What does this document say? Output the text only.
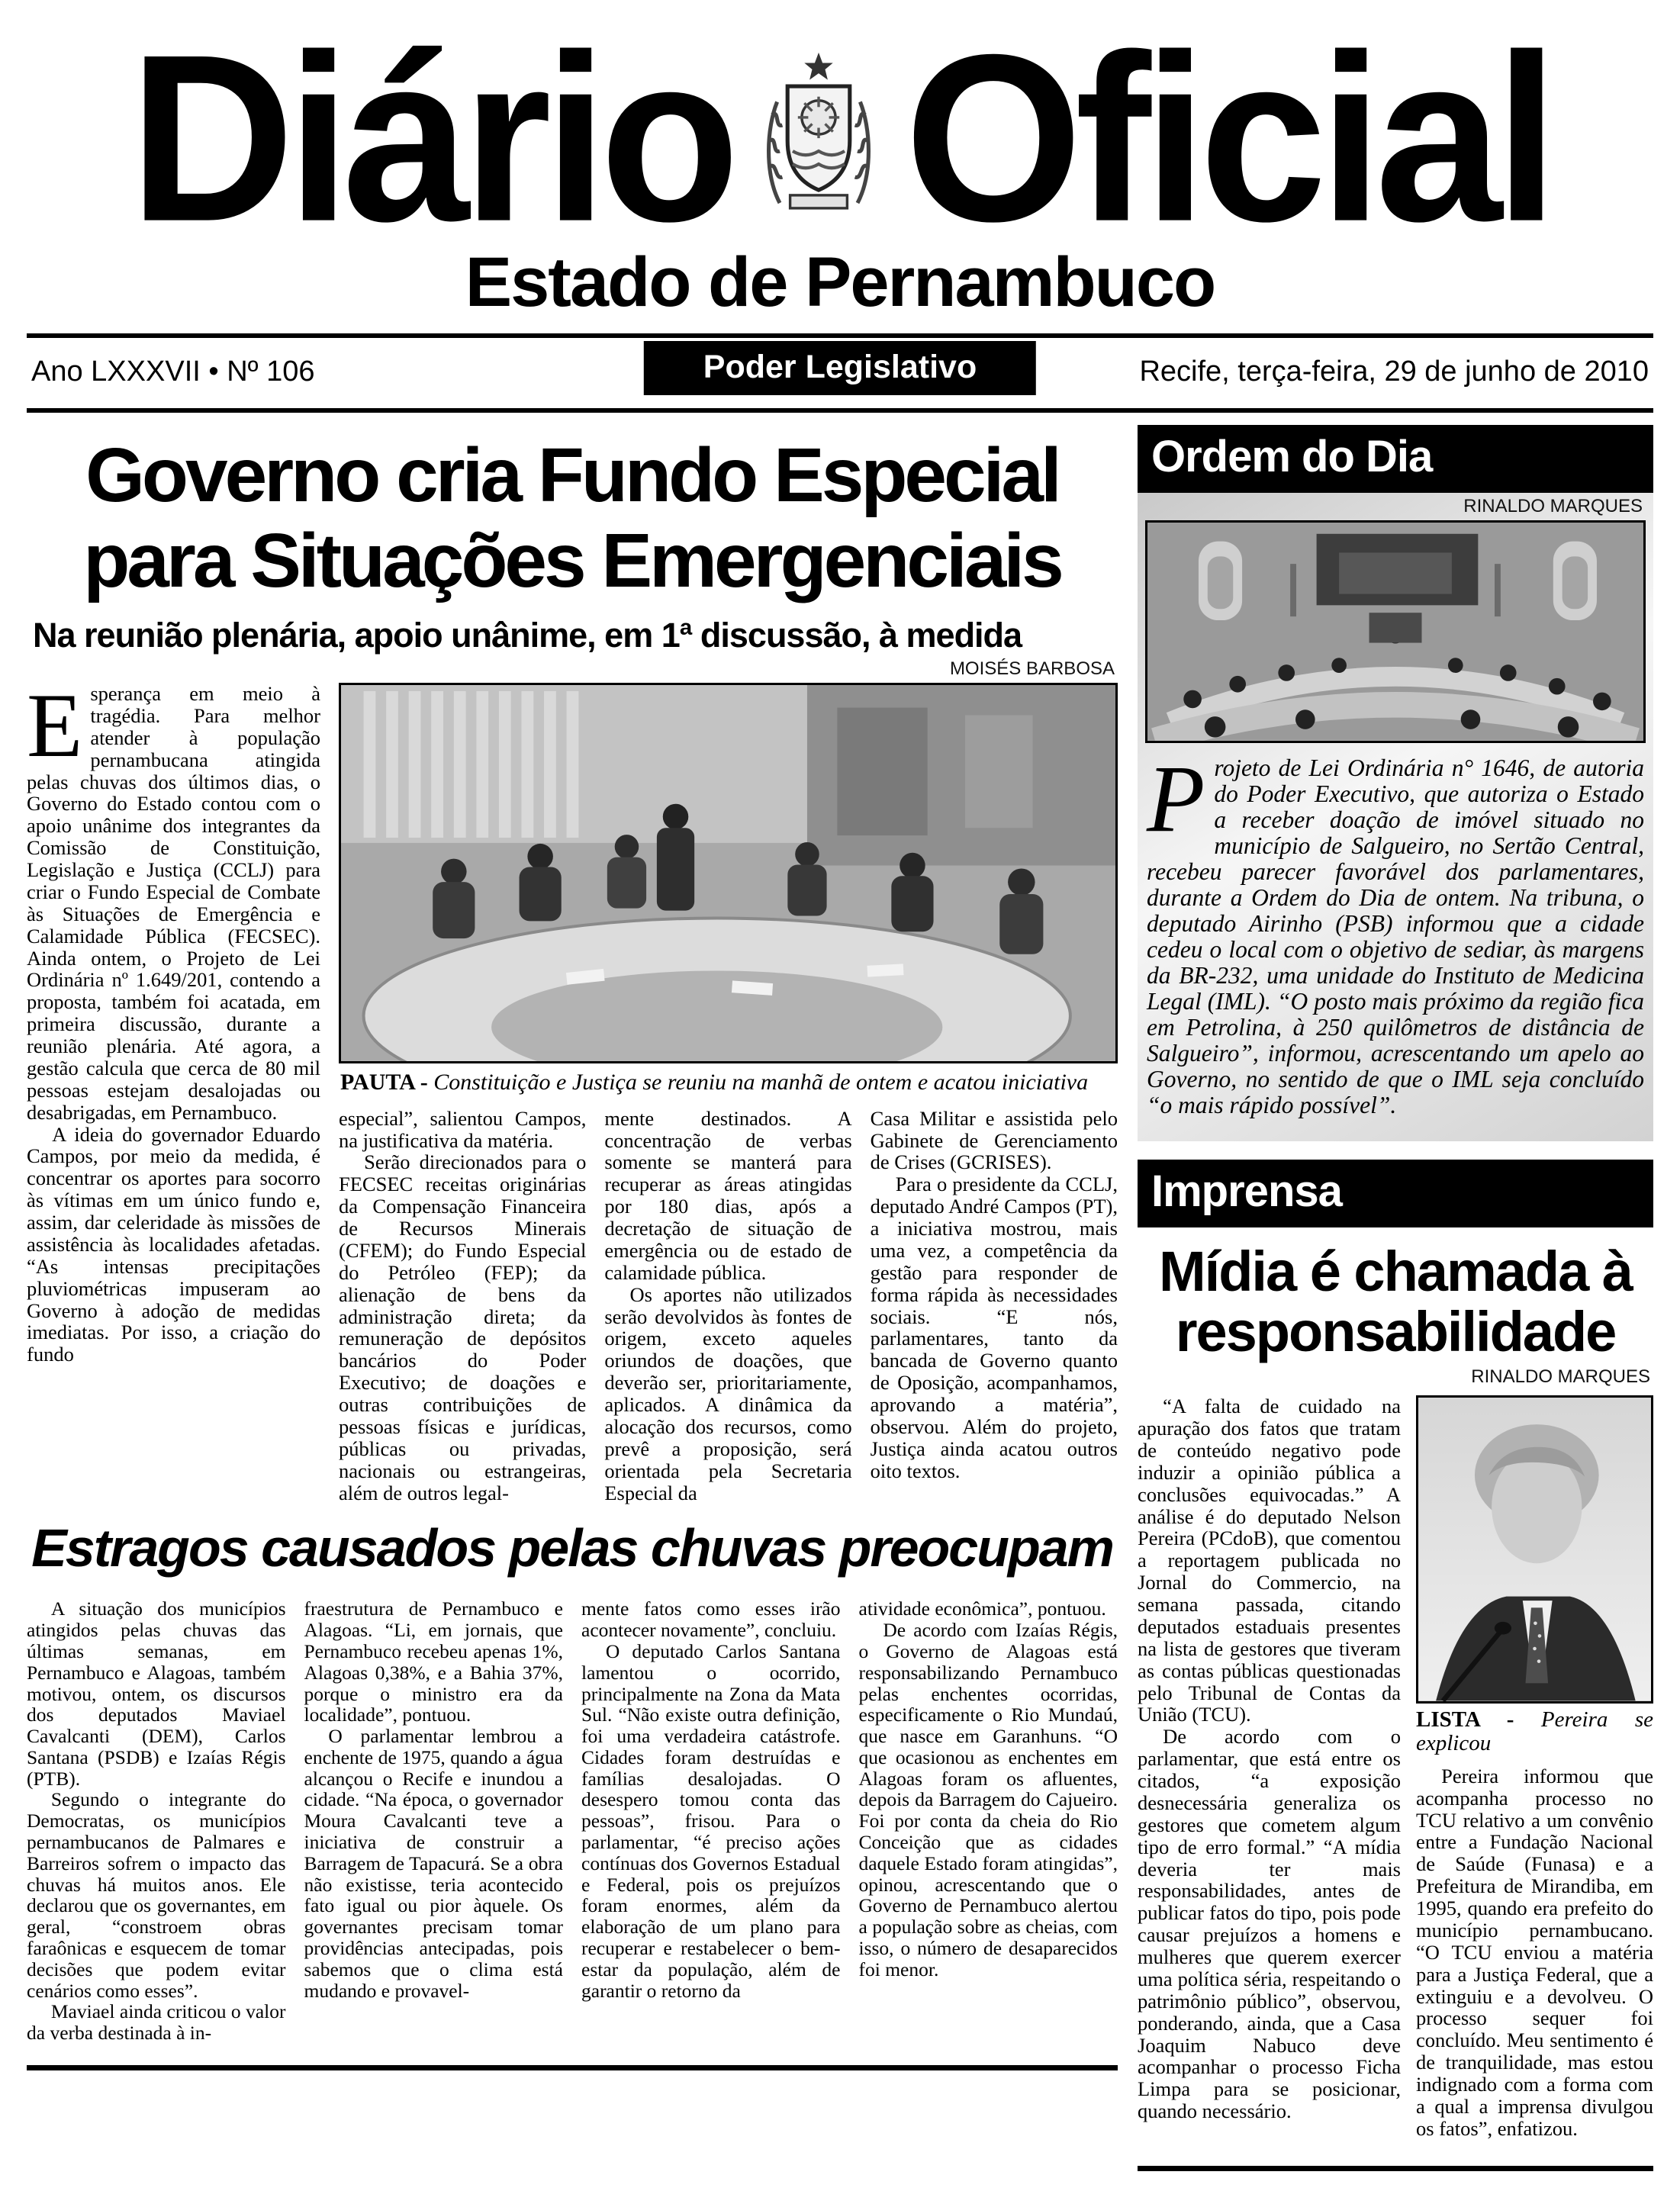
Diário Oficial
Estado de Pernambuco
Ano LXXXVII • Nº 106	Poder Legislativo	Recife, terça-feira, 29 de junho de 2010
Governo cria Fundo Especial
para Situações Emergenciais
Na reunião plenária, apoio unânime, em 1ª discussão, à medida
MOISÉS BARBOSA

Esperança em meio à tragédia. Para melhor atender à população pernambucana atingida pelas chuvas dos últimos dias, o Governo do Estado contou com o apoio unânime dos integrantes da Comissão de Constituição, Legislação e Justiça (CCLJ) para criar o Fundo Especial de Combate às Situações de Emergência e Calamidade Pública (FECSEC). Ainda ontem, o Projeto de Lei Ordinária nº 1.649/201, contendo a proposta, também foi acatada, em primeira discussão, durante a reunião plenária. Até agora, a gestão calcula que cerca de 80 mil pessoas estejam desalojadas ou desabrigadas, em Pernambuco.

A ideia do governador Eduardo Campos, por meio da medida, é concentrar os aportes para socorro às vítimas em um único fundo e, assim, dar celeridade às missões de assistência às localidades afetadas. “As intensas precipitações pluviométricas impuseram ao Governo à adoção de medidas imediatas. Por isso, a criação do fundo

PAUTA - Constituição e Justiça se reuniu na manhã de ontem e acatou iniciativa

especial”, salientou Campos, na justificativa da matéria.

Serão direcionados para o FECSEC receitas originárias da Compensação Financeira de Recursos Minerais (CFEM); do Fundo Especial do Petróleo (FEP); da alienação de bens da administração direta; da remuneração de depósitos bancários do Poder Executivo; de doações e outras contribuições de pessoas físicas e jurídicas, públicas ou privadas, nacionais ou estrangeiras, além de outros legal-

mente destinados. A concentração de verbas somente se manterá para recuperar as áreas atingidas por 180 dias, após a decretação de situação de emergência ou de estado de calamidade pública.

Os aportes não utilizados serão devolvidos às fontes de origem, exceto aqueles oriundos de doações, que deverão ser, prioritariamente, aplicados. A dinâmica da alocação dos recursos, como prevê a proposição, será orientada pela Secretaria Especial da

Casa Militar e assistida pelo Gabinete de Gerenciamento de Crises (GCRISES).

Para o presidente da CCLJ, deputado André Campos (PT), a iniciativa mostrou, mais uma vez, a competência da gestão para responder de forma rápida às necessidades sociais. “E nós, parlamentares, tanto da bancada de Governo quanto de Oposição, acompanhamos, aprovando a matéria”, observou. Além do projeto, Justiça ainda acatou outros oito textos.

Estragos causados pelas chuvas preocupam

A situação dos municípios atingidos pelas chuvas das últimas semanas, em Pernambuco e Alagoas, também motivou, ontem, os discursos dos deputados Maviael Cavalcanti (DEM), Carlos Santana (PSDB) e Izaías Régis (PTB).

Segundo o integrante do Democratas, os municípios pernambucanos de Palmares e Barreiros sofrem o impacto das chuvas há muitos anos. Ele declarou que os governantes, em geral, “constroem obras faraônicas e esquecem de tomar decisões que podem evitar cenários como esses”.

Maviael ainda criticou o valor da verba destinada à in-

fraestrutura de Pernambuco e Alagoas. “Li, em jornais, que Pernambuco recebeu apenas 1%, Alagoas 0,38%, e a Bahia 37%, porque o ministro era da localidade”, pontuou.

O parlamentar lembrou a enchente de 1975, quando a água alcançou o Recife e inundou a cidade. “Na época, o governador Moura Cavalcanti teve a iniciativa de construir a Barragem de Tapacurá. Se a obra não existisse, teria acontecido fato igual ou pior àquele. Os governantes precisam tomar providências antecipadas, pois sabemos que o clima está mudando e provavel-

mente fatos como esses irão acontecer novamente”, concluiu.

O deputado Carlos Santana lamentou o ocorrido, principalmente na Zona da Mata Sul. “Não existe outra definição, foi uma verdadeira catástrofe. Cidades foram destruídas e famílias desalojadas. O desespero tomou conta das pessoas”, frisou. Para o parlamentar, “é preciso ações contínuas dos Governos Estadual e Federal, pois os prejuízos foram enormes, além da elaboração de um plano para recuperar e restabelecer o bem-estar da população, além de garantir o retorno da

atividade econômica”, pontuou.

De acordo com Izaías Régis, o Governo de Alagoas está responsabilizando Pernambuco pelas enchentes ocorridas, especificamente o Rio Mundaú, que nasce em Garanhuns. “O que ocasionou as enchentes em Alagoas foram os afluentes, depois da Barragem do Cajueiro. Foi por conta da cheia do Rio Conceição que as cidades daquele Estado foram atingidas”, opinou, acrescentando que o Governo de Pernambuco alertou a população sobre as cheias, com isso, o número de desaparecidos foi menor.

Ordem do Dia
RINALDO MARQUES

Projeto de Lei Ordinária n° 1646, de autoria do Poder Executivo, que autoriza o Estado a receber doação de imóvel situado no município de Salgueiro, no Sertão Central, recebeu parecer favorável dos parlamentares, durante a Ordem do Dia de ontem. Na tribuna, o deputado Airinho (PSB) informou que a cidade cedeu o local com o objetivo de sediar, às margens da BR-232, uma unidade do Instituto de Medicina Legal (IML). “O posto mais próximo da região fica em Petrolina, à 250 quilômetros de distância de Salgueiro”, informou, acrescentando um apelo ao Governo, no sentido de que o IML seja concluído “o mais rápido possível”.

Imprensa
Mídia é chamada à
responsabilidade
RINALDO MARQUES

“A falta de cuidado na apuração dos fatos que tratam de conteúdo negativo pode induzir a opinião pública a conclusões equivocadas.” A análise é do deputado Nelson Pereira (PCdoB), que comentou a reportagem publicada no Jornal do Commercio, na semana passada, citando deputados estaduais presentes na lista de gestores que tiveram as contas públicas questionadas pelo Tribunal de Contas da União (TCU).

De acordo com o parlamentar, que está entre os citados, “a exposição desnecessária generaliza os gestores que cometem algum tipo de erro formal.” “A mídia deveria ter mais responsabilidades, antes de publicar fatos do tipo, pois pode causar prejuízos a homens e mulheres que querem exercer uma política séria, respeitando o patrimônio público”, observou, ponderando, ainda, que a Casa Joaquim Nabuco deve acompanhar o processo Ficha Limpa para se posicionar, quando necessário.

LISTA - Pereira se explicou

Pereira informou que acompanha processo no TCU relativo a um convênio entre a Fundação Nacional de Saúde (Funasa) e a Prefeitura de Mirandiba, em 1995, quando era prefeito do município pernambucano. “O TCU enviou a matéria para a Justiça Federal, que a extinguiu e a devolveu. O processo sequer foi concluído. Meu sentimento é de tranquilidade, mas estou indignado com a forma com a qual a imprensa divulgou os fatos”, enfatizou.
